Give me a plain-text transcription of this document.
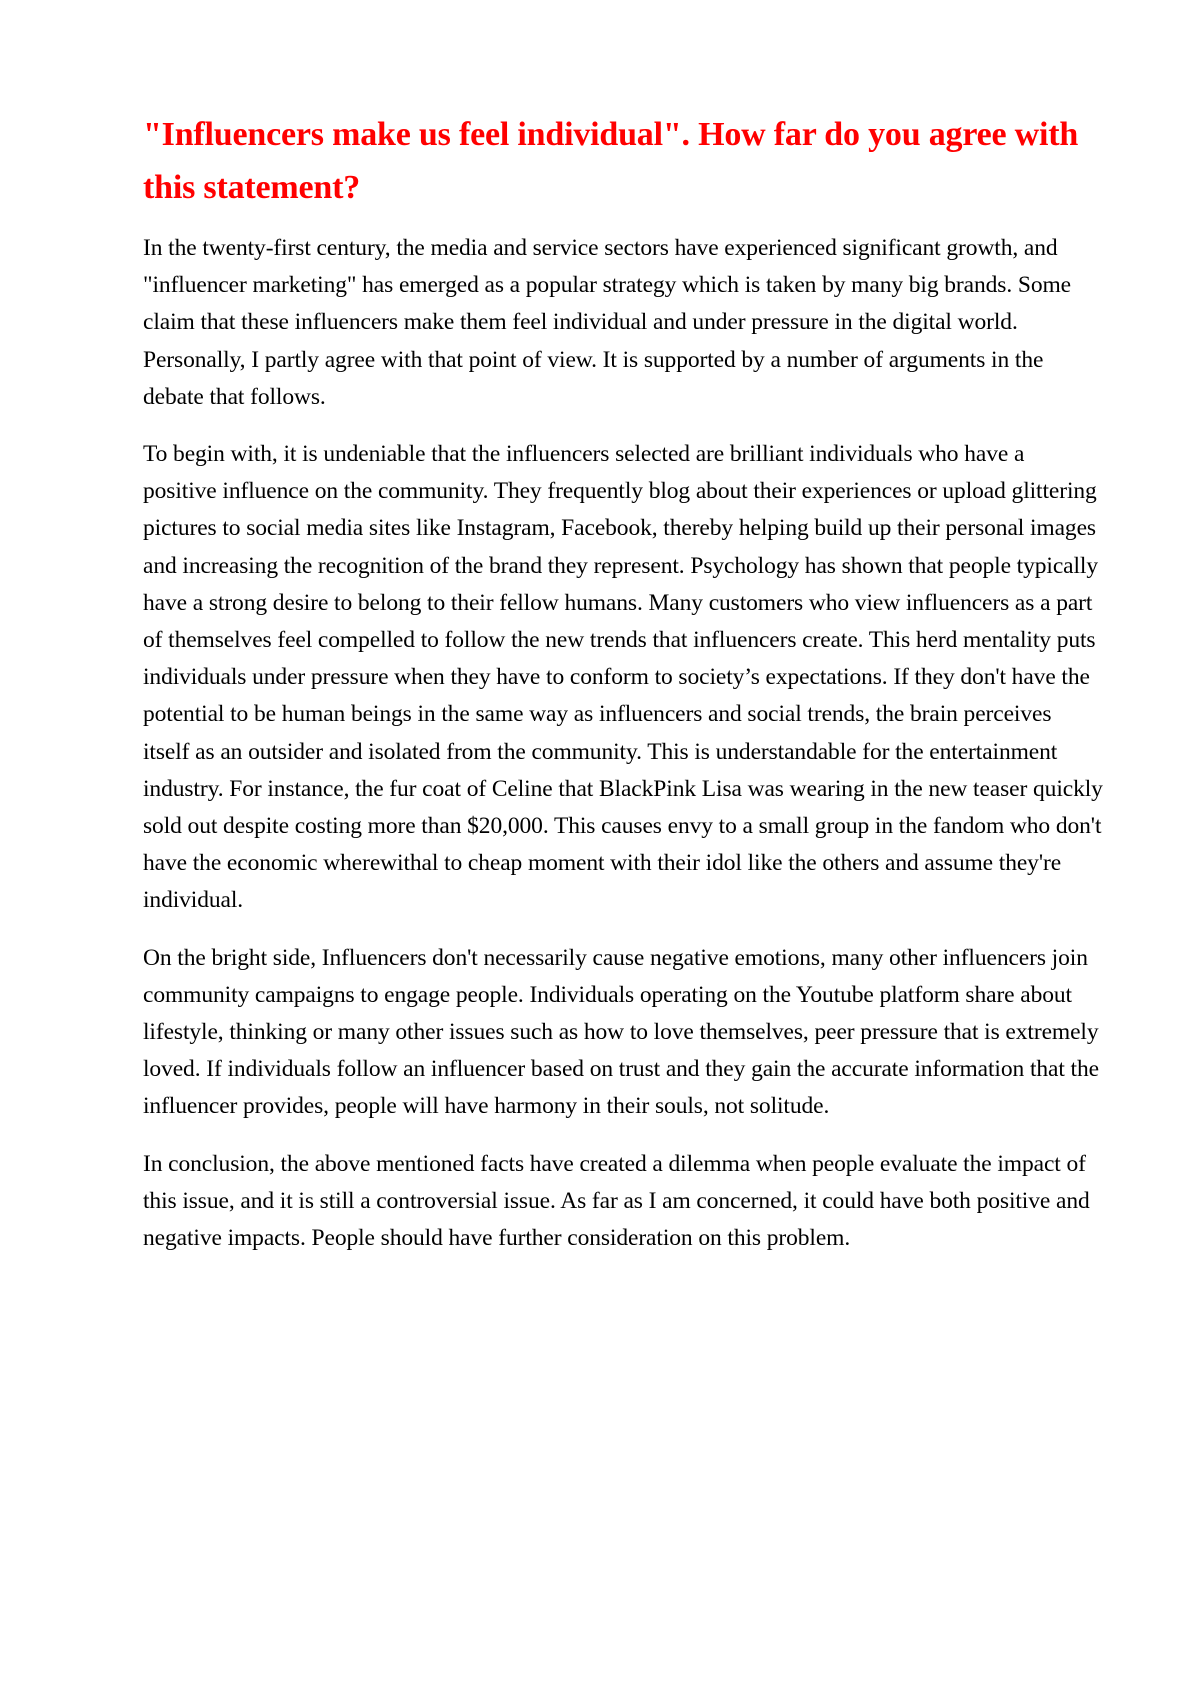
"Influencers make us feel individual". How far do you agree with this statement?

In the twenty-first century, the media and service sectors have experienced significant growth, and "influencer marketing" has emerged as a popular strategy which is taken by many big brands. Some claim that these influencers make them feel individual and under pressure in the digital world. Personally, I partly agree with that point of view. It is supported by a number of arguments in the debate that follows.

To begin with, it is undeniable that the influencers selected are brilliant individuals who have a positive influence on the community. They frequently blog about their experiences or upload glittering pictures to social media sites like Instagram, Facebook, thereby helping build up their personal images and increasing the recognition of the brand they represent. Psychology has shown that people typically have a strong desire to belong to their fellow humans. Many customers who view influencers as a part of themselves feel compelled to follow the new trends that influencers create. This herd mentality puts individuals under pressure when they have to conform to society’s expectations. If they don't have the potential to be human beings in the same way as influencers and social trends, the brain perceives itself as an outsider and isolated from the community. This is understandable for the entertainment industry. For instance, the fur coat of Celine that BlackPink Lisa was wearing in the new teaser quickly sold out despite costing more than $20,000. This causes envy to a small group in the fandom who don't have the economic wherewithal to cheap moment with their idol like the others and assume they're individual.

On the bright side, Influencers don't necessarily cause negative emotions, many other influencers join community campaigns to engage people. Individuals operating on the Youtube platform share about lifestyle, thinking or many other issues such as how to love themselves, peer pressure that is extremely loved. If individuals follow an influencer based on trust and they gain the accurate information that the influencer provides, people will have harmony in their souls, not solitude.

In conclusion, the above mentioned facts have created a dilemma when people evaluate the impact of this issue, and it is still a controversial issue. As far as I am concerned, it could have both positive and negative impacts. People should have further consideration on this problem.
